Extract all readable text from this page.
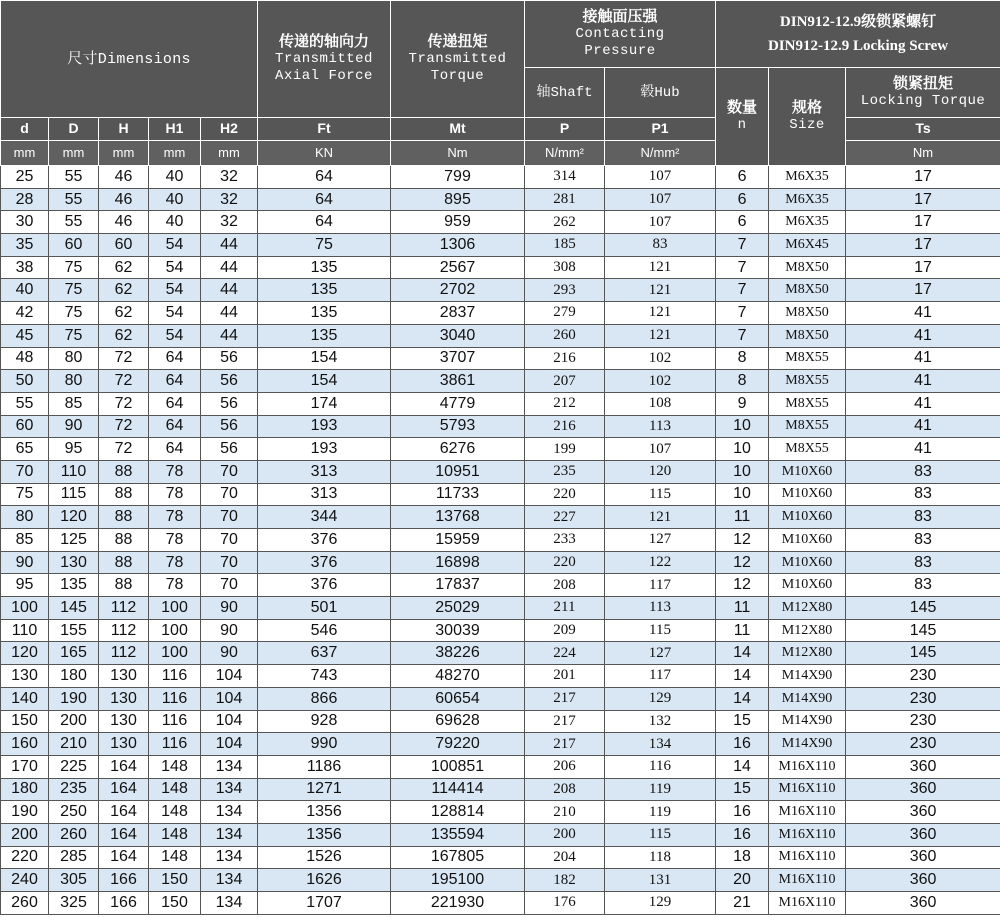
尺寸Dimensions					传递的轴向力
Transmitted
Axial Force	传递扭矩
Transmitted
Torque	接触面压强
Contacting
Pressure		DIN912-12.9级锁紧螺钉
DIN912-12.9 Locking Screw		

							轴Shaft	毂Hub	数量
n	规格
Size	锁紧扭矩
Locking Torque

d	D	H	H1	H2	Ft	Mt	P	P1			Ts
mm	mm	mm	mm	mm	KN	Nm	N/mm²	N/mm²			Nm
25	55	46	40	32	64	799	314	107	6	M6X35	17
28	55	46	40	32	64	895	281	107	6	M6X35	17
30	55	46	40	32	64	959	262	107	6	M6X35	17
35	60	60	54	44	75	1306	185	83	7	M6X45	17
38	75	62	54	44	135	2567	308	121	7	M8X50	17
40	75	62	54	44	135	2702	293	121	7	M8X50	17
42	75	62	54	44	135	2837	279	121	7	M8X50	41
45	75	62	54	44	135	3040	260	121	7	M8X50	41
48	80	72	64	56	154	3707	216	102	8	M8X55	41
50	80	72	64	56	154	3861	207	102	8	M8X55	41
55	85	72	64	56	174	4779	212	108	9	M8X55	41
60	90	72	64	56	193	5793	216	113	10	M8X55	41
65	95	72	64	56	193	6276	199	107	10	M8X55	41
70	110	88	78	70	313	10951	235	120	10	M10X60	83
75	115	88	78	70	313	11733	220	115	10	M10X60	83
80	120	88	78	70	344	13768	227	121	11	M10X60	83
85	125	88	78	70	376	15959	233	127	12	M10X60	83
90	130	88	78	70	376	16898	220	122	12	M10X60	83
95	135	88	78	70	376	17837	208	117	12	M10X60	83
100	145	112	100	90	501	25029	211	113	11	M12X80	145
110	155	112	100	90	546	30039	209	115	11	M12X80	145
120	165	112	100	90	637	38226	224	127	14	M12X80	145
130	180	130	116	104	743	48270	201	117	14	M14X90	230
140	190	130	116	104	866	60654	217	129	14	M14X90	230
150	200	130	116	104	928	69628	217	132	15	M14X90	230
160	210	130	116	104	990	79220	217	134	16	M14X90	230
170	225	164	148	134	1186	100851	206	116	14	M16X110	360
180	235	164	148	134	1271	114414	208	119	15	M16X110	360
190	250	164	148	134	1356	128814	210	119	16	M16X110	360
200	260	164	148	134	1356	135594	200	115	16	M16X110	360
220	285	164	148	134	1526	167805	204	118	18	M16X110	360
240	305	166	150	134	1626	195100	182	131	20	M16X110	360
260	325	166	150	134	1707	221930	176	129	21	M16X110	360
